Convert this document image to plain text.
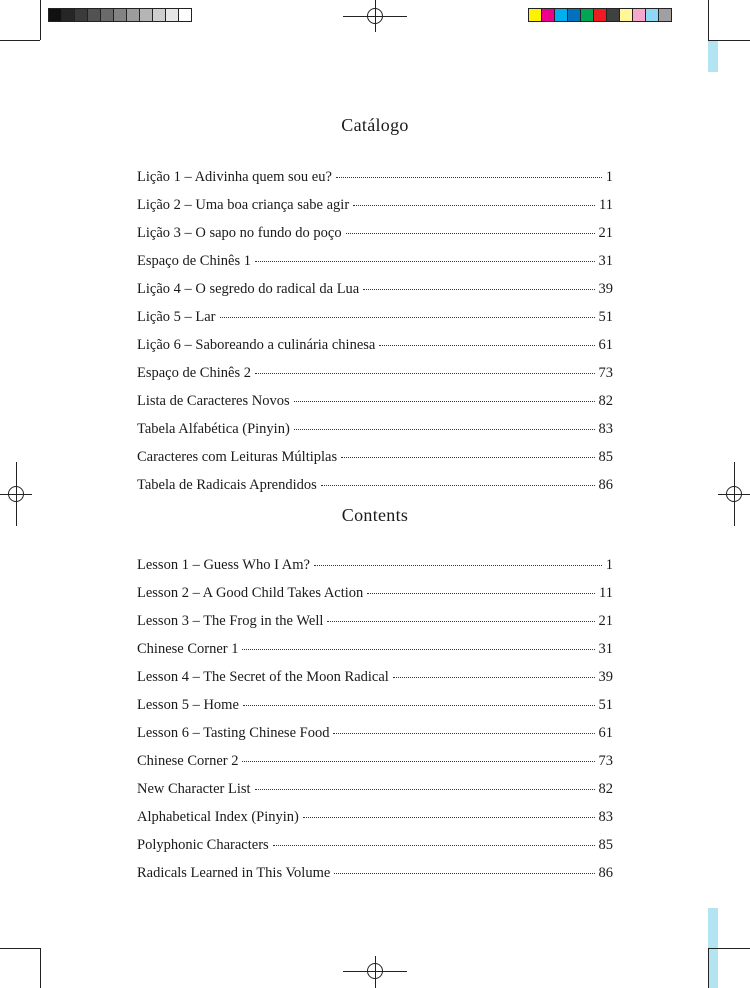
Catálogo
Lição 1 – Adivinha quem sou eu?	1
Lição 2 – Uma boa criança sabe agir	11
Lição 3 – O sapo no fundo do poço	21
Espaço de Chinês 1	31
Lição 4 – O segredo do radical da Lua	39
Lição 5 – Lar	51
Lição 6 – Saboreando a culinária chinesa	61
Espaço de Chinês 2	73
Lista de Caracteres Novos	82
Tabela Alfabética (Pinyin)	83
Caracteres com Leituras Múltiplas	85
Tabela de Radicais Aprendidos	86
Contents
Lesson 1 – Guess Who I Am?	1
Lesson 2 – A Good Child Takes Action	11
Lesson 3 – The Frog in the Well	21
Chinese Corner 1	31
Lesson 4 – The Secret of the Moon Radical	39
Lesson 5 – Home	51
Lesson 6 – Tasting Chinese Food	61
Chinese Corner 2	73
New Character List	82
Alphabetical Index (Pinyin)	83
Polyphonic Characters	85
Radicals Learned in This Volume	86
